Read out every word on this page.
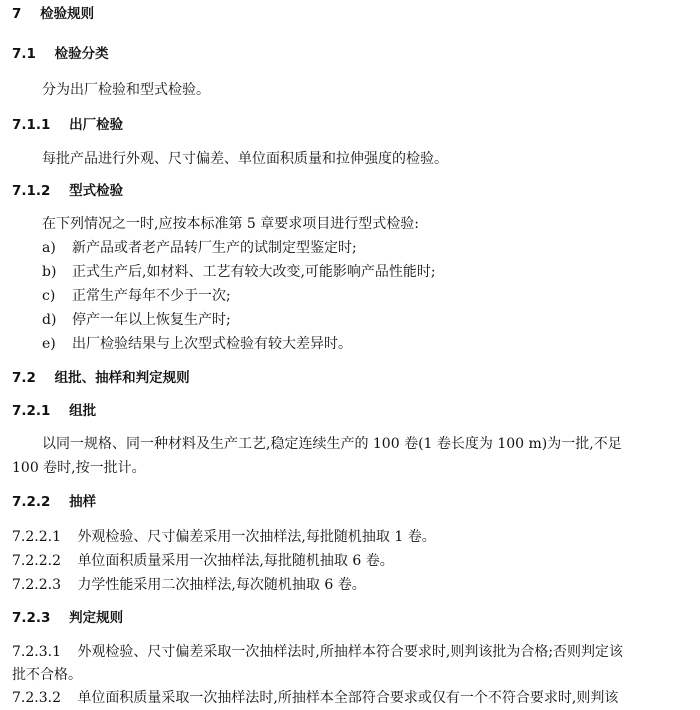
7 检验规则
7.1 检验分类
分为出厂检验和型式检验。
7.1.1 出厂检验
每批产品进行外观、尺寸偏差、单位面积质量和拉伸强度的检验。
7.1.2 型式检验
在下列情况之一时,应按本标准第 5 章要求项目进行型式检验:
a) 新产品或者老产品转厂生产的试制定型鉴定时;
b) 正式生产后,如材料、工艺有较大改变,可能影响产品性能时;
c) 正常生产每年不少于一次;
d) 停产一年以上恢复生产时;
e) 出厂检验结果与上次型式检验有较大差异时。
7.2 组批、抽样和判定规则
7.2.1 组批
以同一规格、同一种材料及生产工艺,稳定连续生产的 100 卷(1 卷长度为 100 m)为一批,不足
100 卷时,按一批计。
7.2.2 抽样
7.2.2.1 外观检验、尺寸偏差采用一次抽样法,每批随机抽取 1 卷。
7.2.2.2 单位面积质量采用一次抽样法,每批随机抽取 6 卷。
7.2.2.3 力学性能采用二次抽样法,每次随机抽取 6 卷。
7.2.3 判定规则
7.2.3.1 外观检验、尺寸偏差采取一次抽样法时,所抽样本符合要求时,则判该批为合格;否则判定该
批不合格。
7.2.3.2 单位面积质量采取一次抽样法时,所抽样本全部符合要求或仅有一个不符合要求时,则判该
